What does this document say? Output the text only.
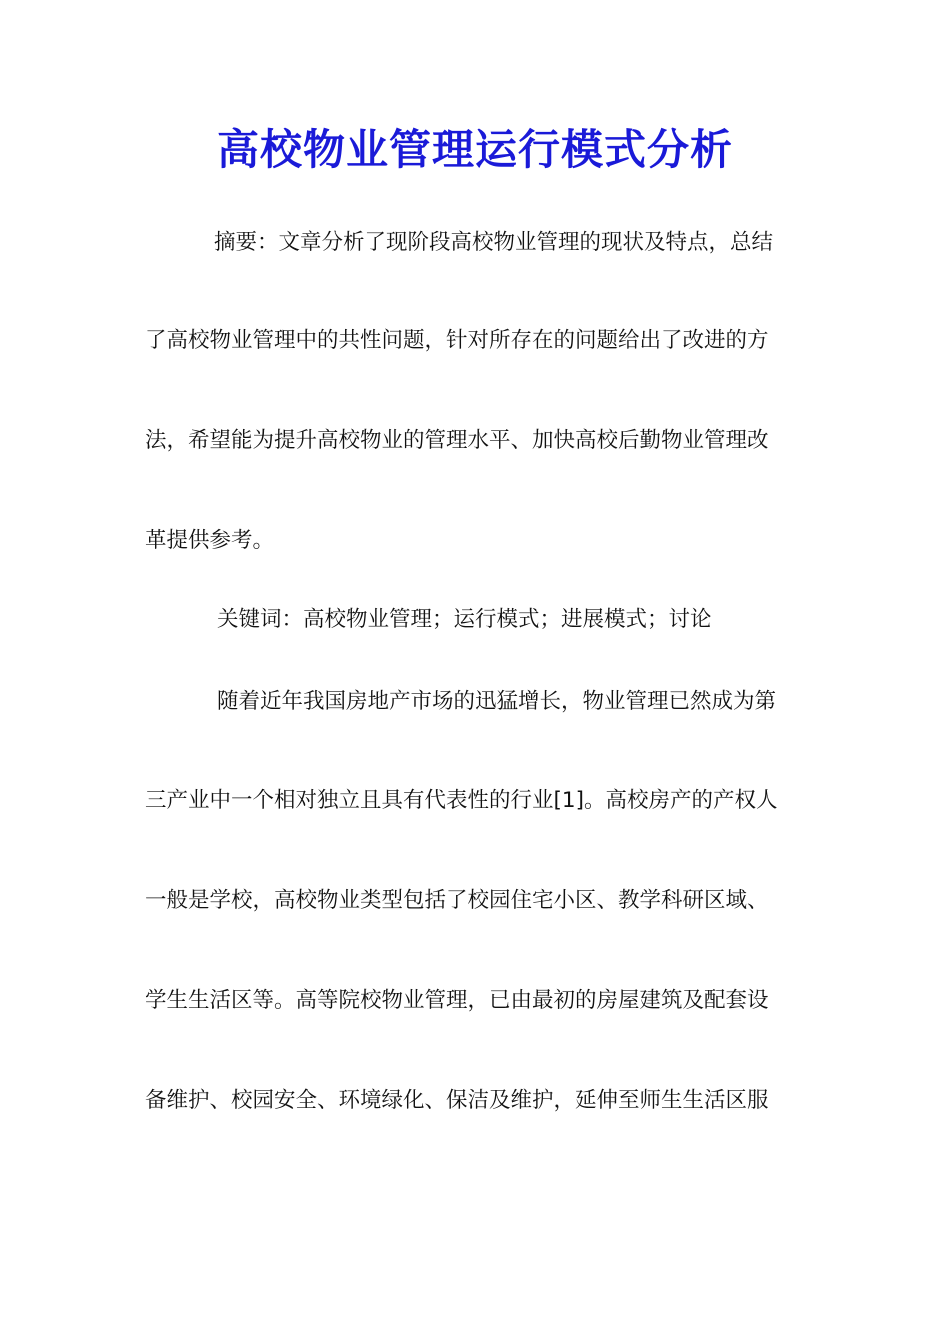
高校物业管理运行模式分析

摘要：文章分析了现阶段高校物业管理的现状及特点，总结

了高校物业管理中的共性问题，针对所存在的问题给出了改进的方

法，希望能为提升高校物业的管理水平、加快高校后勤物业管理改

革提供参考。

关键词：高校物业管理；运行模式；进展模式；讨论

随着近年我国房地产市场的迅猛增长，物业管理已然成为第

三产业中一个相对独立且具有代表性的行业[1]。高校房产的产权人

一般是学校，高校物业类型包括了校园住宅小区、教学科研区域、

学生生活区等。高等院校物业管理，已由最初的房屋建筑及配套设

备维护、校园安全、环境绿化、保洁及维护，延伸至师生生活区服
